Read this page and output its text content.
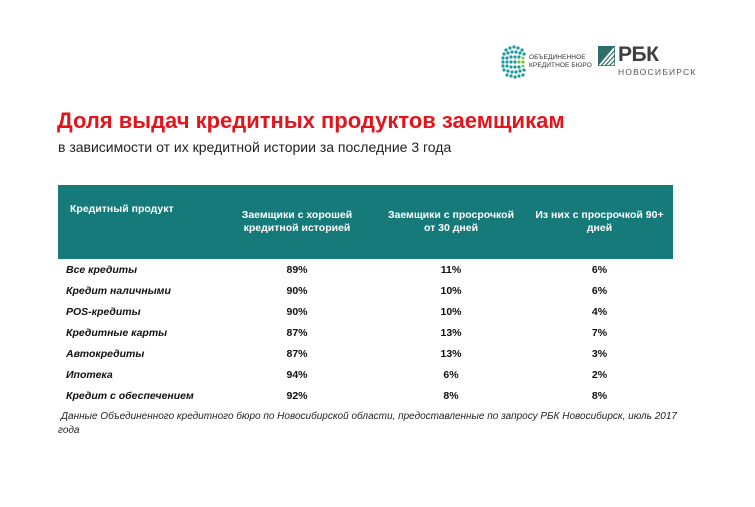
ОБЪЕДИНЕННОЕ
КРЕДИТНОЕ БЮРО РБК
НОВОСИБИРСК
Доля выдач кредитных продуктов заемщикам

в зависимости от их кредитной истории за последние 3 года

Кредитный продукт	Заемщики с хорошей кредитной историей	Заемщики с просрочкой от 30 дней	Из них с просрочкой 90+ дней
Все кредиты	89%	11%	6%
Кредит наличными	90%	10%	6%
POS-кредиты	90%	10%	4%
Кредитные карты	87%	13%	7%
Автокредиты	87%	13%	3%
Ипотека	94%	6%	2%
Кредит с обеспечением	92%	8%	8%

Данные Объединенного кредитного бюро по Новосибирской области, предоставленные по запросу РБК Новосибирск, июль 2017 года
